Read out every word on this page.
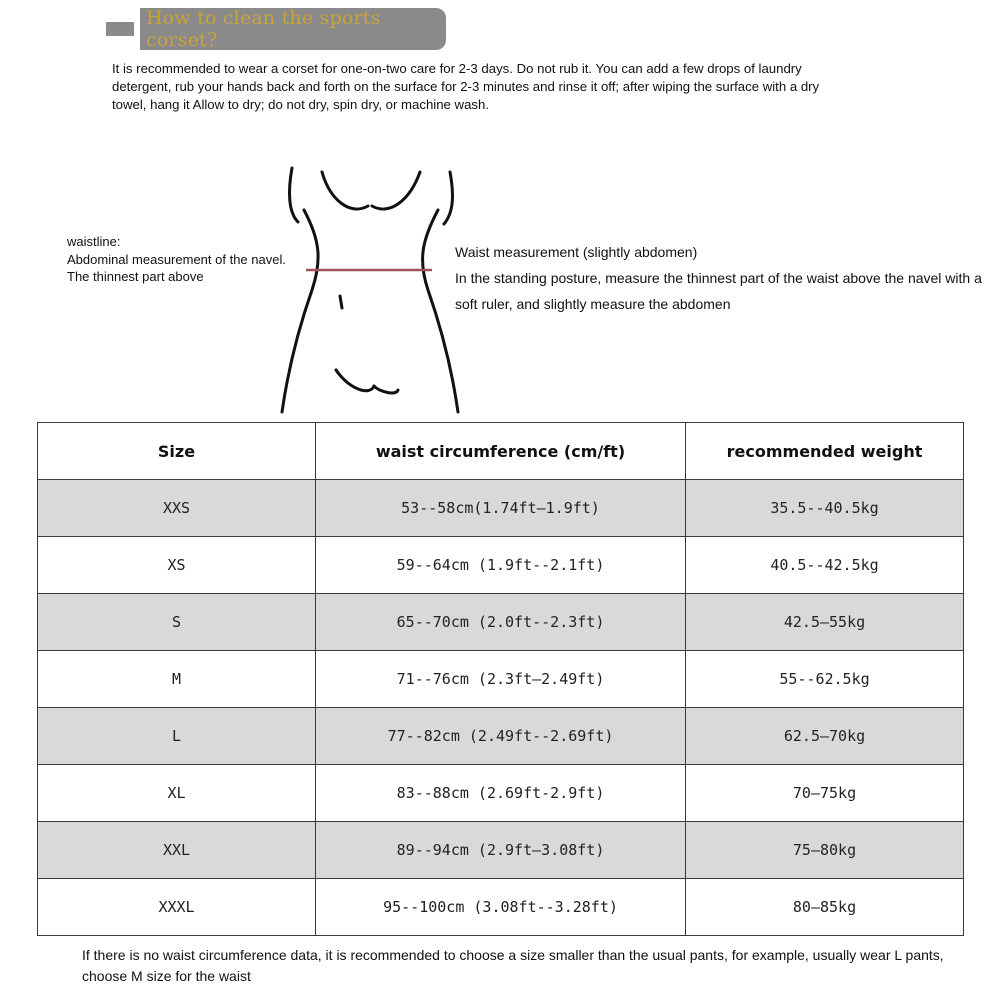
How to clean the sports corset?
It is recommended to wear a corset for one-on-two care for 2-3 days. Do not rub it. You can add a few drops of laundry detergent, rub your hands back and forth on the surface for 2-3 minutes and rinse it off; after wiping the surface with a dry towel, hang it Allow to dry; do not dry, spin dry, or machine wash.
waistline:
Abdominal measurement of the navel. The thinnest part above
Waist measurement (slightly abdomen)
In the standing posture, measure the thinnest part of the waist above the navel with a soft ruler, and slightly measure the abdomen
Size	waist circumference (cm/ft)	recommended weight
XXS	53--58cm(1.74ft—1.9ft)	35.5--40.5kg
XS	59--64cm (1.9ft--2.1ft)	40.5--42.5kg
S	65--70cm (2.0ft--2.3ft)	42.5—55kg
M	71--76cm (2.3ft—2.49ft)	55--62.5kg
L	77--82cm (2.49ft--2.69ft)	62.5—70kg
XL	83--88cm (2.69ft-2.9ft)	70—75kg
XXL	89--94cm (2.9ft—3.08ft)	75—80kg
XXXL	95--100cm (3.08ft--3.28ft)	80—85kg
If there is no waist circumference data, it is recommended to choose a size smaller than the usual pants, for example, usually wear L pants, choose M size for the waist
